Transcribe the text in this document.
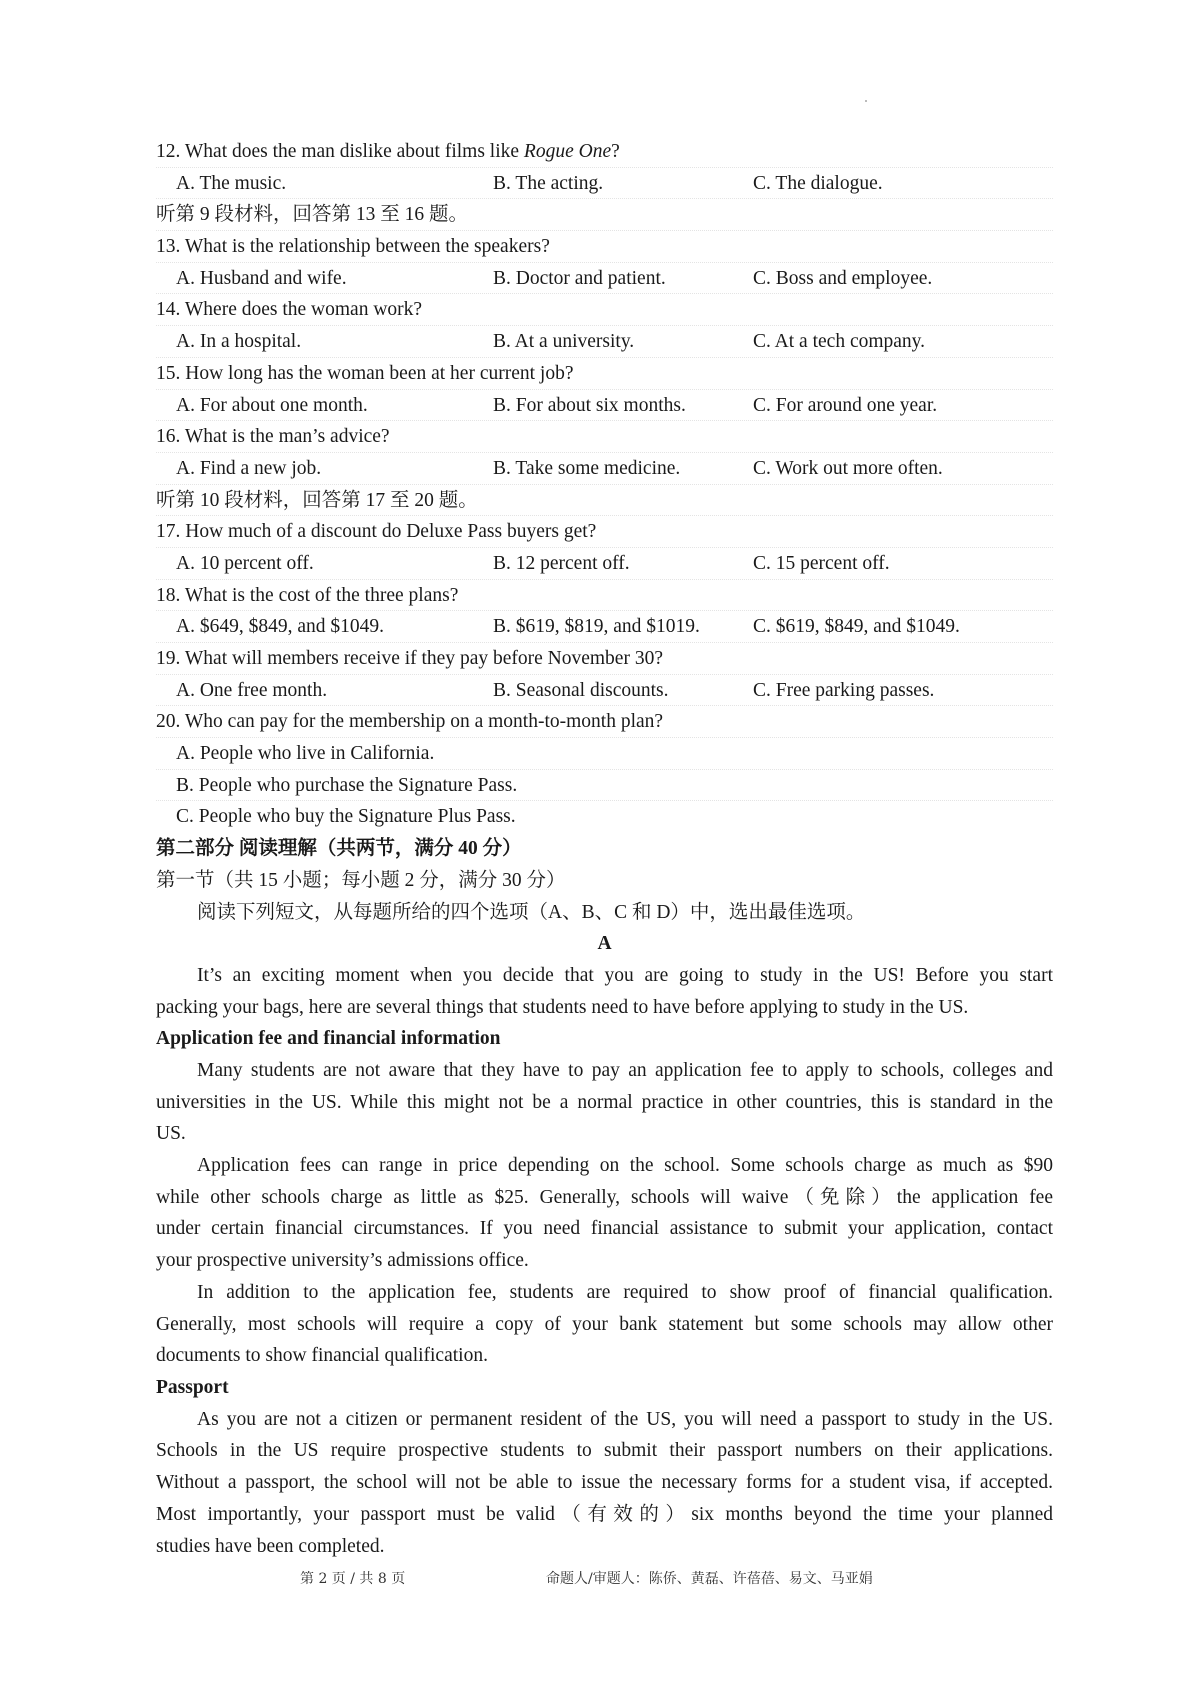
12. What does the man dislike about films like Rogue One?
A. The music.	B. The acting.	C. The dialogue.
听第 9 段材料，回答第 13 至 16 题。
13. What is the relationship between the speakers?
A. Husband and wife.	B. Doctor and patient.	C. Boss and employee.
14. Where does the woman work?
A. In a hospital.	B. At a university.	C. At a tech company.
15. How long has the woman been at her current job?
A. For about one month.	B. For about six months.	C. For around one year.
16. What is the man’s advice?
A. Find a new job.	B. Take some medicine.	C. Work out more often.
听第 10 段材料，回答第 17 至 20 题。
17. How much of a discount do Deluxe Pass buyers get?
A. 10 percent off.	B. 12 percent off.	C. 15 percent off.
18. What is the cost of the three plans?
A. $649, $849, and $1049.	B. $619, $819, and $1019.	C. $619, $849, and $1049.
19. What will members receive if they pay before November 30?
A. One free month.	B. Seasonal discounts.	C. Free parking passes.
20. Who can pay for the membership on a month-to-month plan?
A. People who live in California.
B. People who purchase the Signature Pass.
C. People who buy the Signature Plus Pass.
第二部分 阅读理解（共两节，满分 40 分）
第一节（共 15 小题；每小题 2 分，满分 30 分）
阅读下列短文，从每题所给的四个选项（A、B、C 和 D）中，选出最佳选项。
A
It’s an exciting moment when you decide that you are going to study in the US! Before you start
packing your bags, here are several things that students need to have before applying to study in the US.
Application fee and financial information
Many students are not aware that they have to pay an application fee to apply to schools, colleges and
universities in the US. While this might not be a normal practice in other countries, this is standard in the
US.
Application fees can range in price depending on the school. Some schools charge as much as $90
while other schools charge as little as $25. Generally, schools will waive（免除）the application fee
under certain financial circumstances. If you need financial assistance to submit your application, contact
your prospective university’s admissions office.
In addition to the application fee, students are required to show proof of financial qualification.
Generally, most schools will require a copy of your bank statement but some schools may allow other
documents to show financial qualification.
Passport
As you are not a citizen or permanent resident of the US, you will need a passport to study in the US.
Schools in the US require prospective students to submit their passport numbers on their applications.
Without a passport, the school will not be able to issue the necessary forms for a student visa, if accepted.
Most importantly, your passport must be valid（有效的）six months beyond the time your planned
studies have been completed.
第 2 页 / 共 8 页	命题人/审题人：陈侨、黄磊、许蓓蓓、易文、马亚娟
